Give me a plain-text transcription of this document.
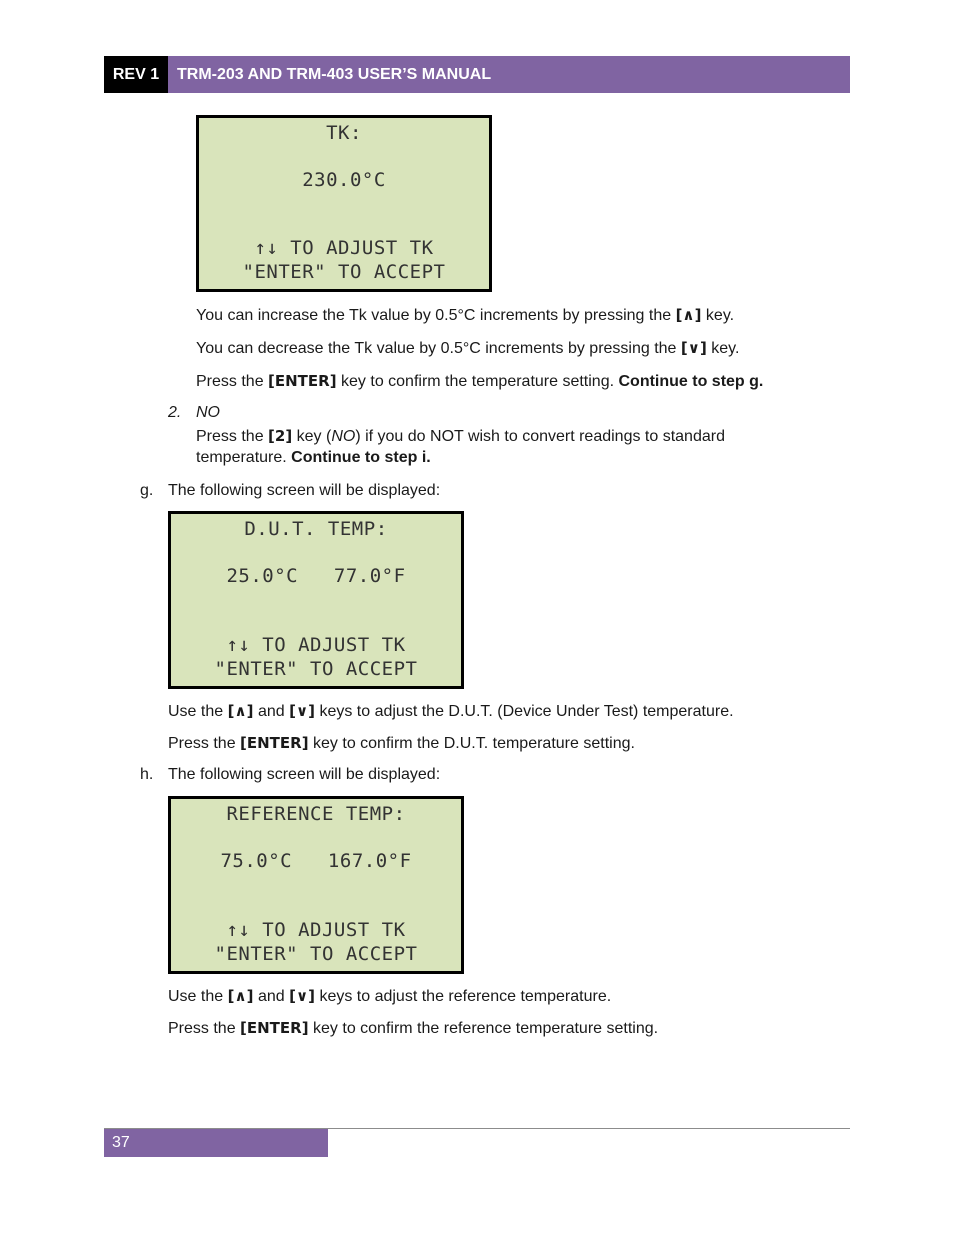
REV 1	TRM-203 AND TRM-403 USER’S MANUAL
TK:
230.0°C
↑↓ TO ADJUST TK
"ENTER" TO ACCEPT
You can increase the Tk value by 0.5°C increments by pressing the [∧] key.
You can decrease the Tk value by 0.5°C increments by pressing the [∨] key.
Press the [ENTER] key to confirm the temperature setting. Continue to step g.
2. NO
Press the [2] key (NO) if you do NOT wish to convert readings to standard
temperature. Continue to step i.
g. The following screen will be displayed:
D.U.T. TEMP:
25.0°C   77.0°F
↑↓ TO ADJUST TK
"ENTER" TO ACCEPT
Use the [∧] and [∨] keys to adjust the D.U.T. (Device Under Test) temperature.
Press the [ENTER] key to confirm the D.U.T. temperature setting.
h. The following screen will be displayed:
REFERENCE TEMP:
75.0°C   167.0°F
↑↓ TO ADJUST TK
"ENTER" TO ACCEPT
Use the [∧] and [∨] keys to adjust the reference temperature.
Press the [ENTER] key to confirm the reference temperature setting.
37
